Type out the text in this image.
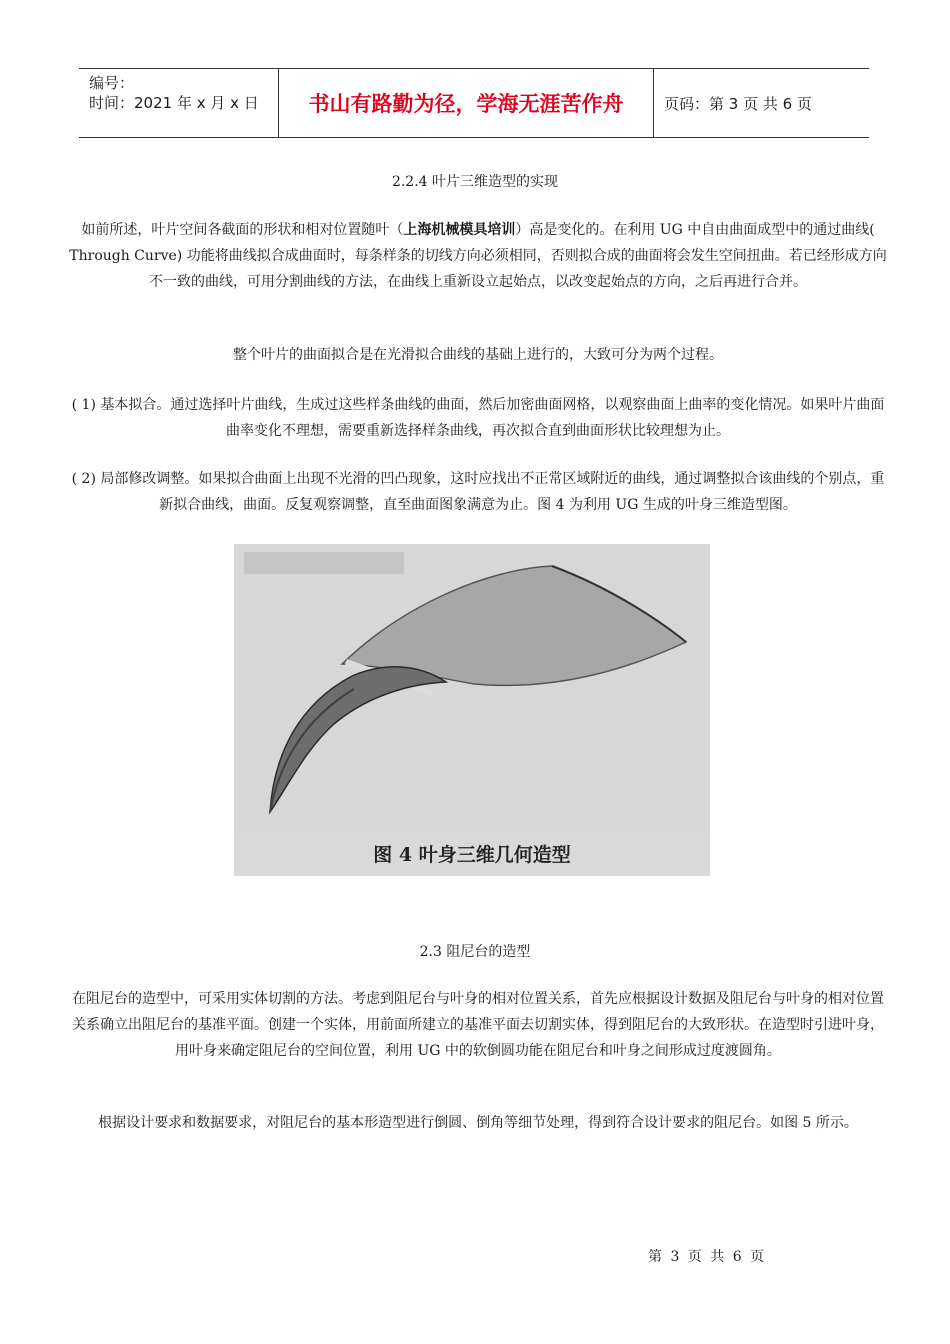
编号：
时间：2021 年 x 月 x 日	书山有路勤为径，学海无涯苦作舟	页码：第 3 页 共 6 页
2.2.4 叶片三维造型的实现
如前所述，叶片空间各截面的形状和相对位置随叶（上海机械模具培训）高是变化的。在利用 UG 中自由曲面成型中的通过曲线( Through Curve) 功能将曲线拟合成曲面时，每条样条的切线方向必须相同，否则拟合成的曲面将会发生空间扭曲。若已经形成方向不一致的曲线，可用分割曲线的方法，在曲线上重新设立起始点，以改变起始点的方向，之后再进行合并。
整个叶片的曲面拟合是在光滑拟合曲线的基础上进行的，大致可分为两个过程。
( 1) 基本拟合。通过选择叶片曲线，生成过这些样条曲线的曲面，然后加密曲面网格，以观察曲面上曲率的变化情况。如果叶片曲面曲率变化不理想，需要重新选择样条曲线，再次拟合直到曲面形状比较理想为止。
( 2) 局部修改调整。如果拟合曲面上出现不光滑的凹凸现象，这时应找出不正常区域附近的曲线，通过调整拟合该曲线的个别点，重新拟合曲线，曲面。反复观察调整，直至曲面图象满意为止。图 4 为利用 UG 生成的叶身三维造型图。
图 4 叶身三维几何造型
2.3 阻尼台的造型
在阻尼台的造型中，可采用实体切割的方法。考虑到阻尼台与叶身的相对位置关系，首先应根据设计数据及阻尼台与叶身的相对位置关系确立出阻尼台的基准平面。创建一个实体，用前面所建立的基准平面去切割实体，得到阻尼台的大致形状。在造型时引进叶身，用叶身来确定阻尼台的空间位置，利用 UG 中的软倒圆功能在阻尼台和叶身之间形成过度渡圆角。
根据设计要求和数据要求，对阻尼台的基本形造型进行倒圆、倒角等细节处理，得到符合设计要求的阻尼台。如图 5 所示。
第 3 页 共 6 页
